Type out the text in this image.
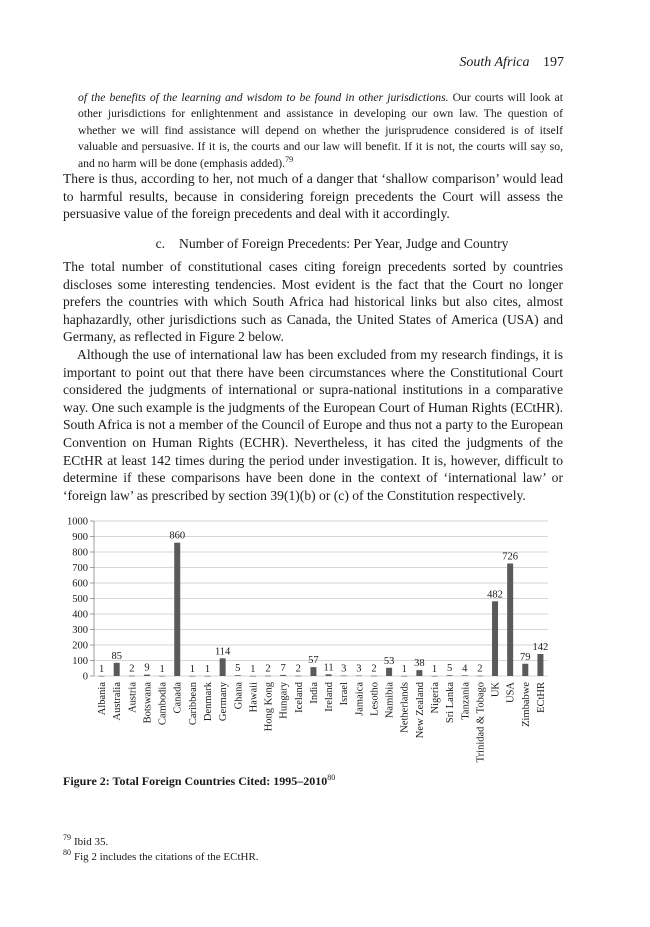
South Africa 197
of the benefits of the learning and wisdom to be found in other jurisdictions. Our courts will look at other jurisdictions for enlightenment and assistance in developing our own law. The question of whether we will find assistance will depend on whether the jurisprudence considered is of itself valuable and persuasive. If it is, the courts and our law will benefit. If it is not, the courts will say so, and no harm will be done (emphasis added).$^{79}$

There is thus, according to her, not much of a danger that ‘shallow comparison’ would lead to harmful results, because in considering foreign precedents the Court will assess the persuasive value of the foreign precedents and deal with it accordingly.

c. Number of Foreign Precedents: Per Year, Judge and Country

The total number of constitutional cases citing foreign precedents sorted by countries discloses some interesting tendencies. Most evident is the fact that the Court no longer prefers the countries with which South Africa had historical links but also cites, almost haphazardly, other jurisdictions such as Canada, the United States of America (USA) and Germany, as reflected in Figure 2 below.

Although the use of international law has been excluded from my research findings, it is important to point out that there have been circumstances where the Constitutional Court considered the judgments of international or supra-national institutions in a comparative way. One such example is the judgments of the European Court of Human Rights (ECtHR). South Africa is not a member of the Council of Europe and thus not a party to the European Convention on Human Rights (ECHR). Nevertheless, it has cited the judgments of the ECtHR at least 142 times during the period under investigation. It is, however, difficult to determine if these comparisons have been done in the context of ‘international law’ or ‘foreign law’ as prescribed by section 39(1)(b) or (c) of the Constitution respectively.

0
100
200
300
400
500
600
700
800
900
1000
1
85
2 9 1
860
1 1
114
5 1 2 7 2
57
11 3 3 2
53
1
38
1 5 4 2
482
726
79
142
Albania Australia Austria Botswana Cambodia Canada Caribbean Denmark Germany Ghana Hawaii Hong Kong Hungary Iceland India Ireland Israel Jamaica Lesotho Namibia Netherlands New Zealand Nigeria Sri Lanka Tanzania Trinidad & Tobago UK USA Zimbabwe ECtHR
Figure 2: Total Foreign Countries Cited: 1995–2010$^{80}$
$^{79}$ Ibid 35.
$^{80}$ Fig 2 includes the citations of the ECtHR.
